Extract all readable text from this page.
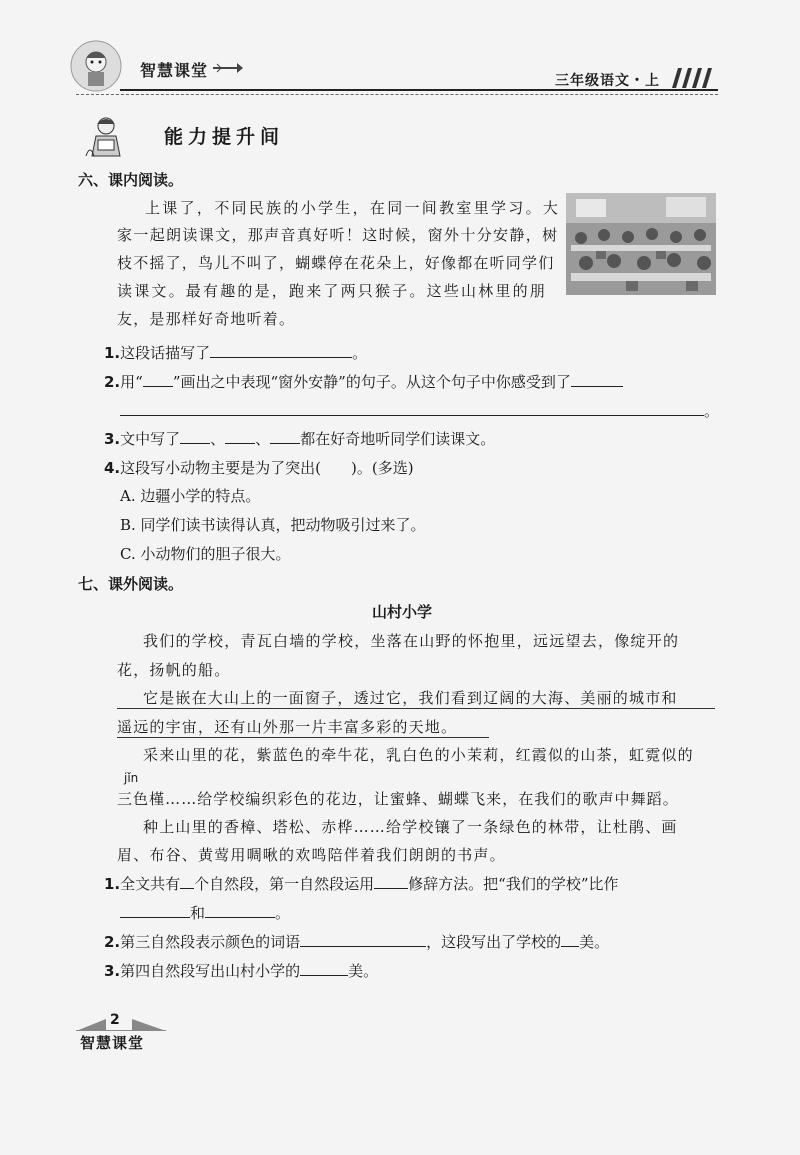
智慧课堂
三年级语文・上
能力提升间
六、课内阅读。
上课了，不同民族的小学生，在同一间教室里学习。大
家一起朗读课文，那声音真好听！这时候，窗外十分安静，树
枝不摇了，鸟儿不叫了，蝴蝶停在花朵上，好像都在听同学们
读课文。最有趣的是，跑来了两只猴子。这些山林里的朋
友，是那样好奇地听着。
1.这段话描写了	。
2.用“ ”画出之中表现“窗外安静”的句子。从这个句子中你感受到了
。
3.文中写了 、 、 都在好奇地听同学们读课文。
4.这段写小动物主要是为了突出(　　)。(多选)
A. 边疆小学的特点。
B. 同学们读书读得认真，把动物吸引过来了。
C. 小动物们的胆子很大。
七、课外阅读。
山村小学
我们的学校，青瓦白墙的学校，坐落在山野的怀抱里，远远望去，像绽开的
花，扬帆的船。
它是嵌在大山上的一面窗子，透过它，我们看到辽阔的大海、美丽的城市和
遥远的宇宙，还有山外那一片丰富多彩的天地。
采来山里的花，紫蓝色的牵牛花，乳白色的小茉莉，红霞似的山茶，虹霓似的
jǐn
三色槿……给学校编织彩色的花边，让蜜蜂、蝴蝶飞来，在我们的歌声中舞蹈。
种上山里的香樟、塔松、赤桦……给学校镶了一条绿色的林带，让杜鹃、画
眉、布谷、黄莺用啁啾的欢鸣陪伴着我们朗朗的书声。
1.全文共有 个自然段，第一自然段运用 修辞方法。把“我们的学校”比作
和	。
2.第三自然段表示颜色的词语	，这段写出了学校的 美。
3.第四自然段写出山村小学的	美。
2
智慧课堂
